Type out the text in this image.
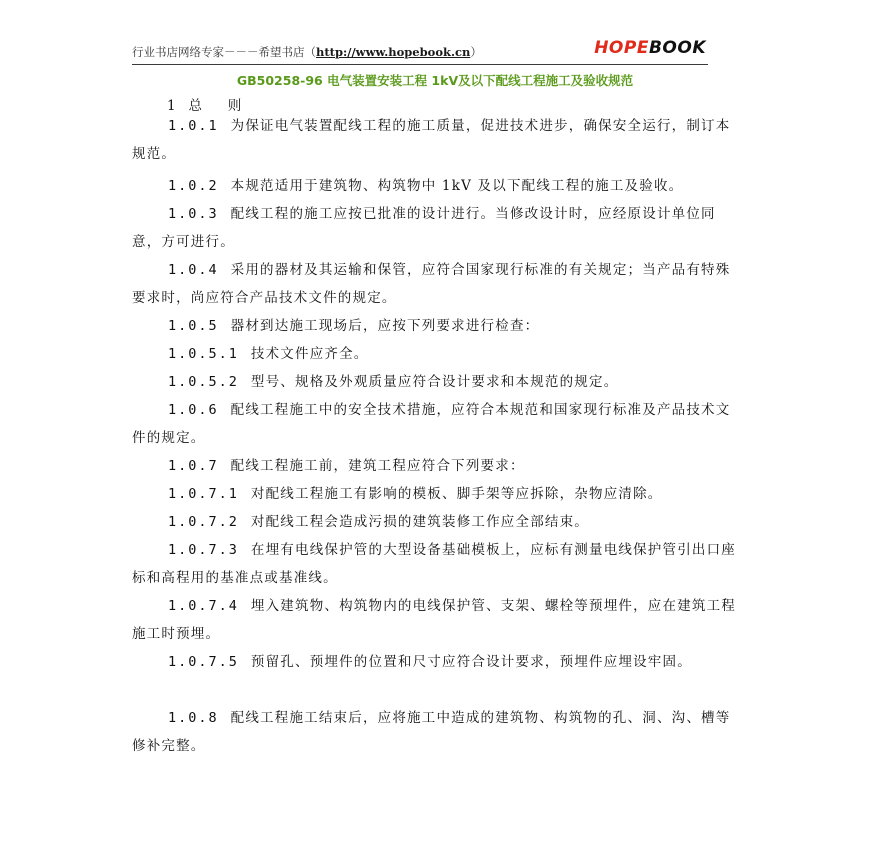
行业书店网络专家－－－希望书店（http://www.hopebook.cn）	HOPEBOOK
GB50258-96 电气装置安装工程 1kV及以下配线工程施工及验收规范
1   总      则
1.0.1 为保证电气装置配线工程的施工质量，促进技术进步，确保安全运行，制订本规范。
1.0.2 本规范适用于建筑物、构筑物中 1kV 及以下配线工程的施工及验收。
1.0.3 配线工程的施工应按已批准的设计进行。当修改设计时，应经原设计单位同意，方可进行。
1.0.4 采用的器材及其运输和保管，应符合国家现行标准的有关规定；当产品有特殊要求时，尚应符合产品技术文件的规定。
1.0.5 器材到达施工现场后，应按下列要求进行检查：
1.0.5.1 技术文件应齐全。
1.0.5.2 型号、规格及外观质量应符合设计要求和本规范的规定。
1.0.6 配线工程施工中的安全技术措施，应符合本规范和国家现行标准及产品技术文件的规定。
1.0.7 配线工程施工前，建筑工程应符合下列要求：
1.0.7.1 对配线工程施工有影响的模板、脚手架等应拆除，杂物应清除。
1.0.7.2 对配线工程会造成污损的建筑装修工作应全部结束。
1.0.7.3 在埋有电线保护管的大型设备基础模板上，应标有测量电线保护管引出口座标和高程用的基准点或基准线。
1.0.7.4 埋入建筑物、构筑物内的电线保护管、支架、螺栓等预埋件，应在建筑工程施工时预埋。
1.0.7.5 预留孔、预埋件的位置和尺寸应符合设计要求，预埋件应埋设牢固。
1.0.8 配线工程施工结束后，应将施工中造成的建筑物、构筑物的孔、洞、沟、槽等修补完整。
